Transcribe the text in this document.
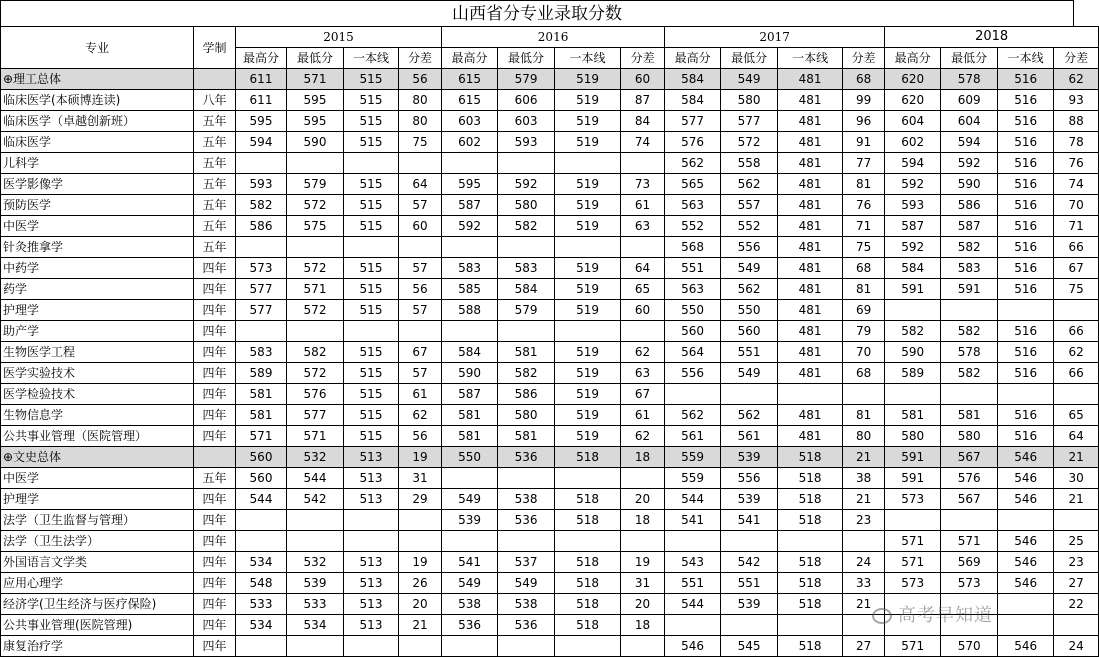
山西省分专业录取分数
专业	学制	2015				2016				2017				2018			
		最高分	最低分	一本线	分差	最高分	最低分	一本线	分差	最高分	最低分	一本线	分差	最高分	最低分	一本线	分差
⊕理工总体		611	571	515	56	615	579	519	60	584	549	481	68	620	578	516	62
临床医学(本硕博连读)	八年	611	595	515	80	615	606	519	87	584	580	481	99	620	609	516	93
临床医学（卓越创新班）	五年	595	595	515	80	603	603	519	84	577	577	481	96	604	604	516	88
临床医学	五年	594	590	515	75	602	593	519	74	576	572	481	91	602	594	516	78
儿科学	五年									562	558	481	77	594	592	516	76
医学影像学	五年	593	579	515	64	595	592	519	73	565	562	481	81	592	590	516	74
预防医学	五年	582	572	515	57	587	580	519	61	563	557	481	76	593	586	516	70
中医学	五年	586	575	515	60	592	582	519	63	552	552	481	71	587	587	516	71
针灸推拿学	五年									568	556	481	75	592	582	516	66
中药学	四年	573	572	515	57	583	583	519	64	551	549	481	68	584	583	516	67
药学	四年	577	571	515	56	585	584	519	65	563	562	481	81	591	591	516	75
护理学	四年	577	572	515	57	588	579	519	60	550	550	481	69				
助产学	四年									560	560	481	79	582	582	516	66
生物医学工程	四年	583	582	515	67	584	581	519	62	564	551	481	70	590	578	516	62
医学实验技术	四年	589	572	515	57	590	582	519	63	556	549	481	68	589	582	516	66
医学检验技术	四年	581	576	515	61	587	586	519	67								
生物信息学	四年	581	577	515	62	581	580	519	61	562	562	481	81	581	581	516	65
公共事业管理（医院管理）	四年	571	571	515	56	581	581	519	62	561	561	481	80	580	580	516	64
⊕文史总体		560	532	513	19	550	536	518	18	559	539	518	21	591	567	546	21
中医学	五年	560	544	513	31					559	556	518	38	591	576	546	30
护理学	四年	544	542	513	29	549	538	518	20	544	539	518	21	573	567	546	21
法学（卫生监督与管理）	四年					539	536	518	18	541	541	518	23				
法学（卫生法学）	四年													571	571	546	25
外国语言文学类	四年	534	532	513	19	541	537	518	19	543	542	518	24	571	569	546	23
应用心理学	四年	548	539	513	26	549	549	518	31	551	551	518	33	573	573	546	27
经济学(卫生经济与医疗保险)	四年	533	533	513	20	538	538	518	20	544	539	518	21				22
公共事业管理(医院管理)	四年	534	534	513	21	536	536	518	18								
康复治疗学	四年									546	545	518	27	571	570	546	24
高考早知道
